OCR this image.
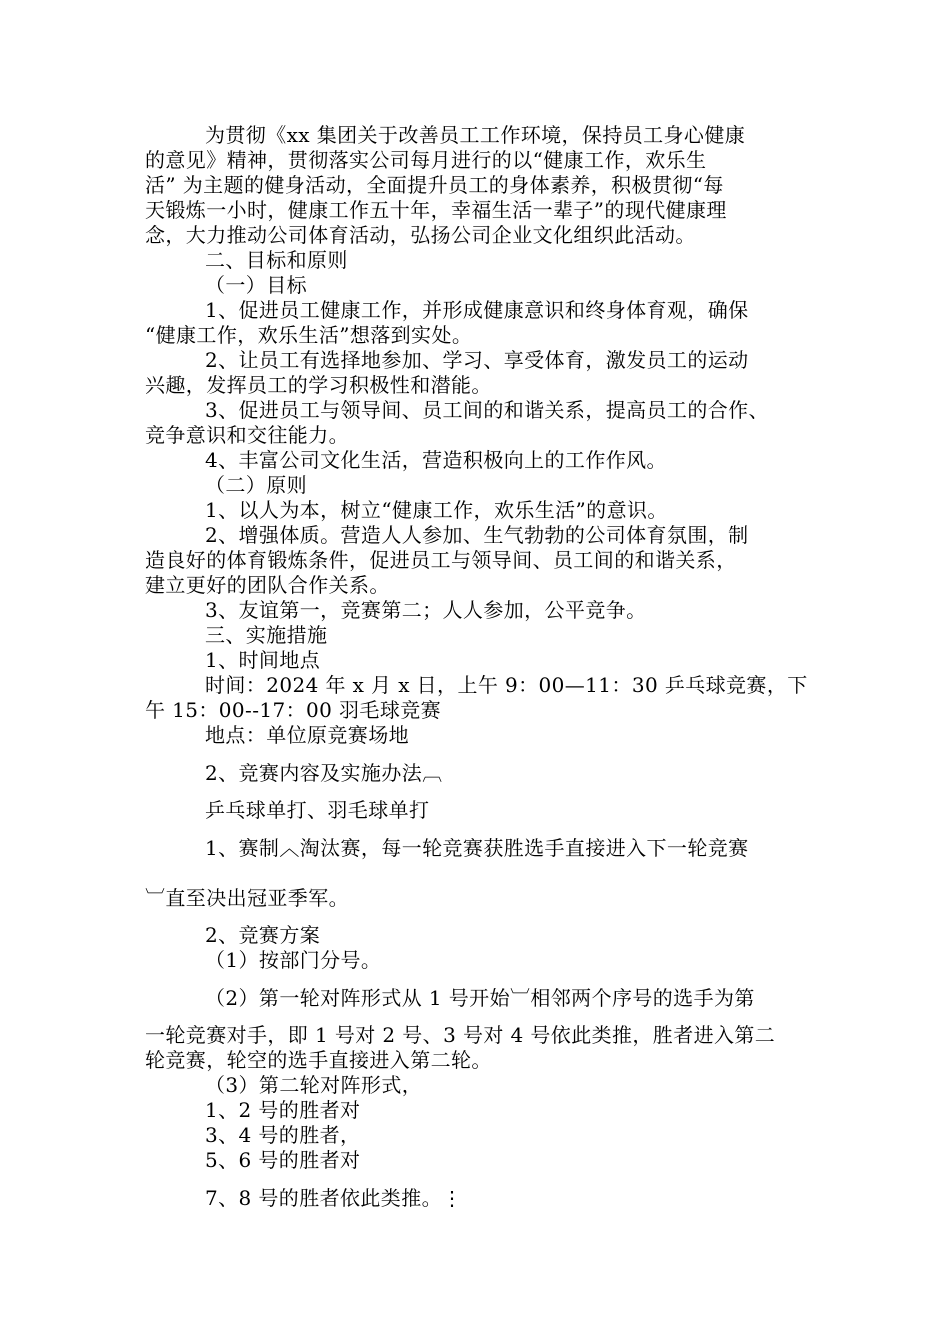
为贯彻《xx 集团关于改善员工工作环境，保持员工身心健康
的意见》精神，贯彻落实公司每月进行的以“健康工作，欢乐生
活” 为主题的健身活动，全面提升员工的身体素养，积极贯彻“每
天锻炼一小时，健康工作五十年，幸福生活一辈子”的现代健康理
念，大力推动公司体育活动，弘扬公司企业文化组织此活动。
二、目标和原则
（一）目标
1、促进员工健康工作，并形成健康意识和终身体育观，确保
“健康工作，欢乐生活”想落到实处。
2、让员工有选择地参加、学习、享受体育，激发员工的运动
兴趣，发挥员工的学习积极性和潜能。
3、促进员工与领导间、员工间的和谐关系，提高员工的合作、
竞争意识和交往能力。
4、丰富公司文化生活，营造积极向上的工作作风。
（二）原则
1、以人为本，树立“健康工作，欢乐生活”的意识。
2、增强体质。营造人人参加、生气勃勃的公司体育氛围，制
造良好的体育锻炼条件，促进员工与领导间、员工间的和谐关系，
建立更好的团队合作关系。
3、友谊第一，竞赛第二；人人参加，公平竞争。
三、实施措施
1、时间地点
时间：2024 年 x 月 x 日，上午 9：00—11：30 乒乓球竞赛，下
午 15：00--17：00 羽毛球竞赛
地点：单位原竞赛场地
2、竞赛内容及实施办法︹
乒乓球单打、羽毛球单打
1、赛制︿淘汰赛，每一轮竞赛获胜选手直接进入下一轮竞赛
︺直至决出冠亚季军。
2、竞赛方案
（1）按部门分号。
（2）第一轮对阵形式从 1 号开始︺相邻两个序号的选手为第
一轮竞赛对手，即 1 号对 2 号、3 号对 4 号依此类推，胜者进入第二
轮竞赛，轮空的选手直接进入第二轮。
（3）第二轮对阵形式，
1、2 号的胜者对
3、4 号的胜者，
5、6 号的胜者对
7、8 号的胜者依此类推。⋮
